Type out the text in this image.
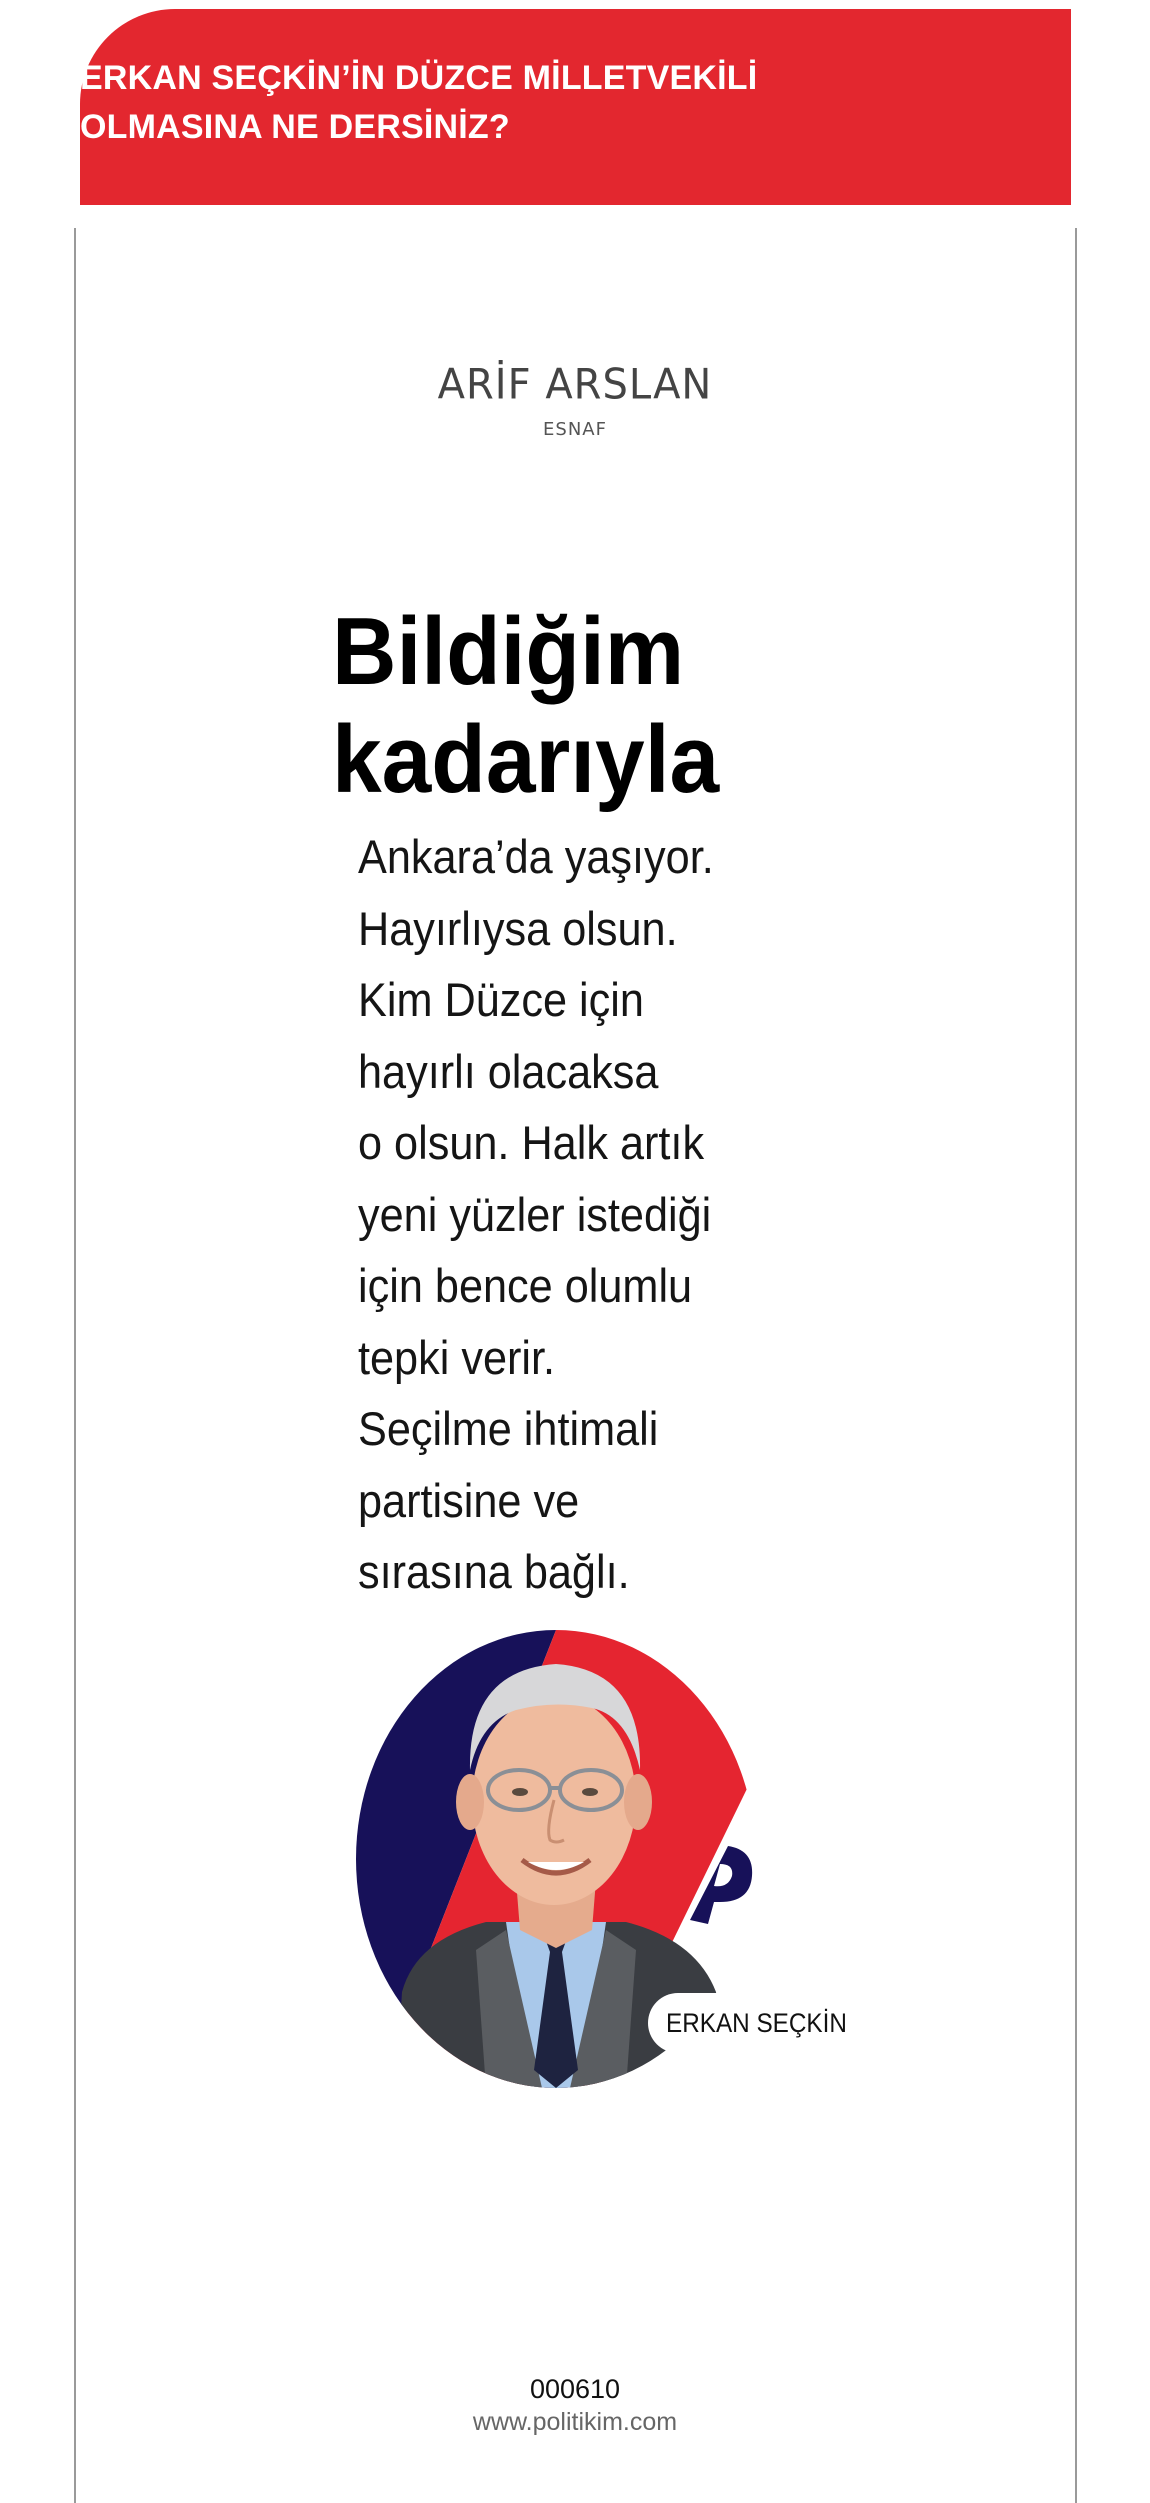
ERKAN SEÇKİN’İN DÜZCE MİLLETVEKİLİ
OLMASINA NE DERSİNİZ?
ARİF ARSLAN
ESNAF
Bildiğim
kadarıyla

Ankara’da yaşıyor.
Hayırlıysa olsun.
Kim Düzce için
hayırlı olacaksa
o olsun. Halk artık
yeni yüzler istediği
için bence olumlu
tepki verir.
Seçilme ihtimali
partisine ve
sırasına bağlı.

ERKAN SEÇKİN
000610
www.politikim.com
